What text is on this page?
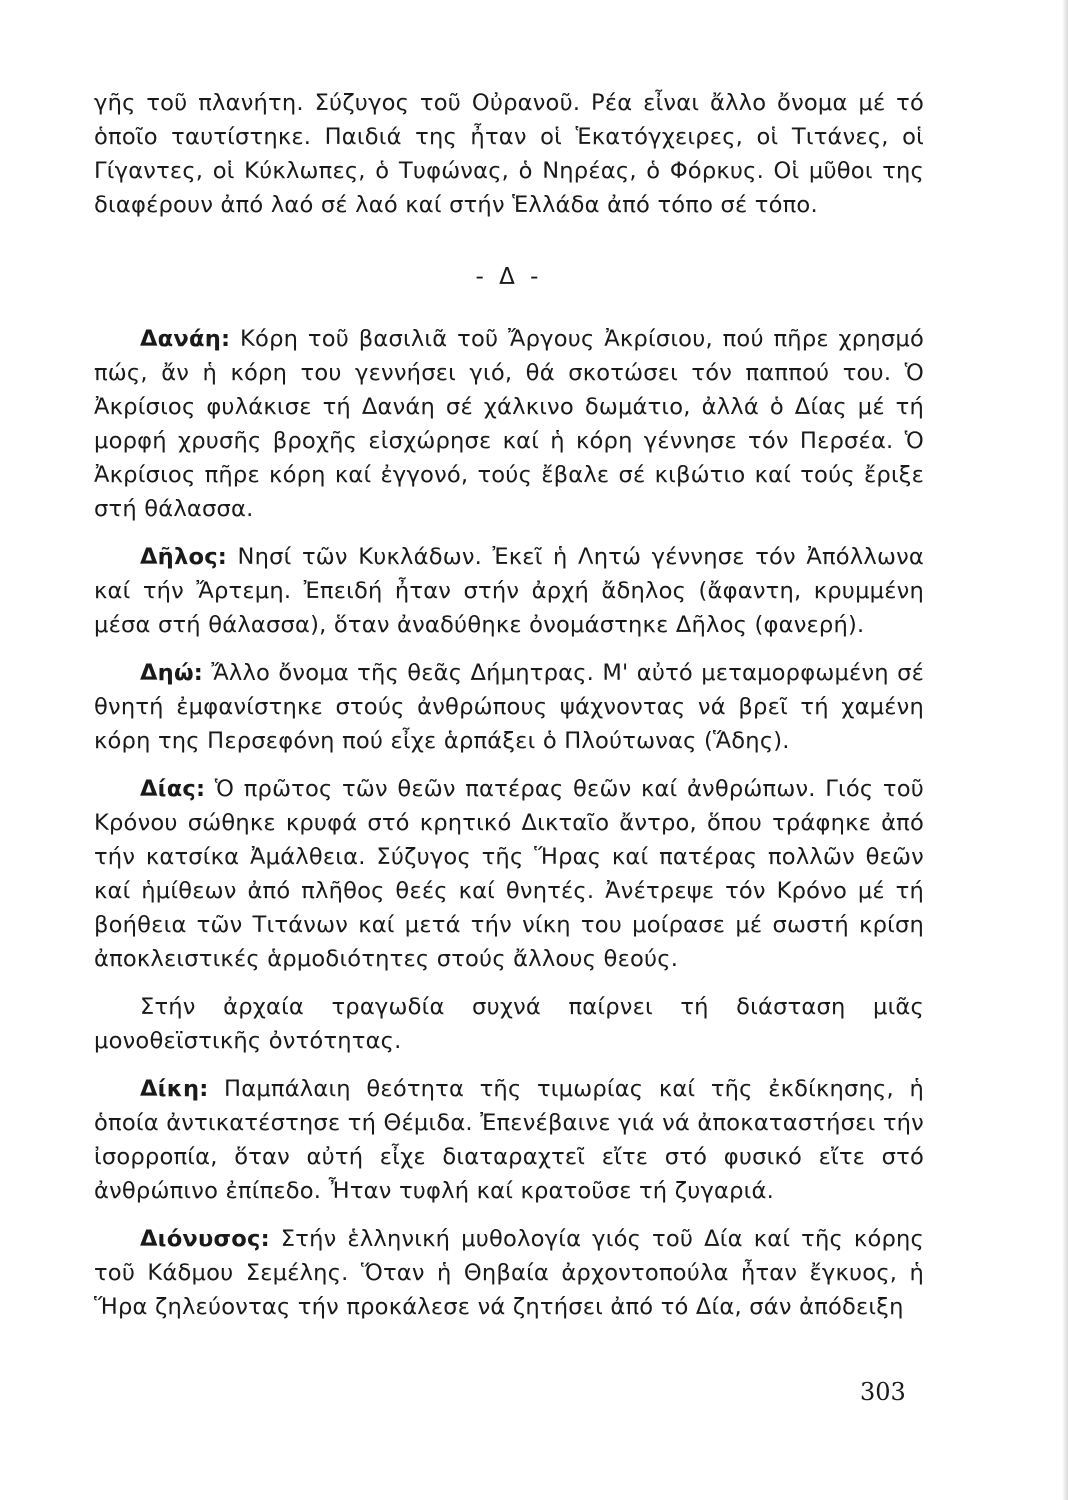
γῆς τοῦ πλανήτη. Σύζυγος τοῦ Οὐρανοῦ. Ρέα εἶναι ἄλλο ὄνομα μέ τό ὁποῖο ταυτίστηκε. Παιδιά της ἦταν οἱ Ἑκατόγχειρες, οἱ Τιτάνες, οἱ Γίγαντες, οἱ Κύκλωπες, ὁ Τυφώνας, ὁ Νηρέας, ὁ Φόρκυς. Οἱ μῦθοι της διαφέρουν ἀπό λαό σέ λαό καί στήν Ἑλλάδα ἀπό τόπο σέ τόπο.

- Δ -

Δανάη: Κόρη τοῦ βασιλιᾶ τοῦ Ἄργους Ἀκρίσιου, πού πῆρε χρησμό πώς, ἄν ἡ κόρη του γεννήσει γιό, θά σκοτώσει τόν παππού του. Ὁ Ἀκρίσιος φυλάκισε τή Δανάη σέ χάλκινο δωμάτιο, ἀλλά ὁ Δίας μέ τή μορφή χρυσῆς βροχῆς εἰσχώρησε καί ἡ κόρη γέννησε τόν Περσέα. Ὁ Ἀκρίσιος πῆρε κόρη καί ἐγγονό, τούς ἔβαλε σέ κιβώτιο καί τούς ἔριξε στή θάλασσα.

Δῆλος: Νησί τῶν Κυκλάδων. Ἐκεῖ ἡ Λητώ γέννησε τόν Ἀπόλλωνα καί τήν Ἄρτεμη. Ἐπειδή ἦταν στήν ἀρχή ἄδηλος (ἄφαντη, κρυμμένη μέσα στή θάλασσα), ὅταν ἀναδύθηκε ὀνομάστηκε Δῆλος (φανερή).

Δηώ: Ἄλλο ὄνομα τῆς θεᾶς Δήμητρας. Μ' αὐτό μεταμορφωμένη σέ θνητή ἐμφανίστηκε στούς ἀνθρώπους ψάχνοντας νά βρεῖ τή χαμένη κόρη της Περσεφόνη πού εἶχε ἁρπάξει ὁ Πλούτωνας (Ἅδης).

Δίας: Ὁ πρῶτος τῶν θεῶν πατέρας θεῶν καί ἀνθρώπων. Γιός τοῦ Κρόνου σώθηκε κρυφά στό κρητικό Δικταῖο ἄντρο, ὅπου τράφηκε ἀπό τήν κατσίκα Ἀμάλθεια. Σύζυγος τῆς Ἥρας καί πατέρας πολλῶν θεῶν καί ἡμίθεων ἀπό πλῆθος θεές καί θνητές. Ἀνέτρεψε τόν Κρόνο μέ τή βοήθεια τῶν Τιτάνων καί μετά τήν νίκη του μοίρασε μέ σωστή κρίση ἀποκλειστικές ἁρμοδιότητες στούς ἄλλους θεούς.

Στήν ἀρχαία τραγωδία συχνά παίρνει τή διάσταση μιᾶς μονοθεϊστικῆς ὀντότητας.

Δίκη: Παμπάλαιη θεότητα τῆς τιμωρίας καί τῆς ἐκδίκησης, ἡ ὁποία ἀντικατέστησε τή Θέμιδα. Ἐπενέβαινε γιά νά ἀποκαταστήσει τήν ἰσορροπία, ὅταν αὐτή εἶχε διαταραχτεῖ εἴτε στό φυσικό εἴτε στό ἀνθρώπινο ἐπίπεδο. Ἦταν τυφλή καί κρατοῦσε τή ζυγαριά.

Διόνυσος: Στήν ἑλληνική μυθολογία γιός τοῦ Δία καί τῆς κόρης τοῦ Κάδμου Σεμέλης. Ὅταν ἡ Θηβαία ἀρχοντοπούλα ἦταν ἔγκυος, ἡ Ἥρα ζηλεύοντας τήν προκάλεσε νά ζητήσει ἀπό τό Δία, σάν ἀπόδειξη

303
